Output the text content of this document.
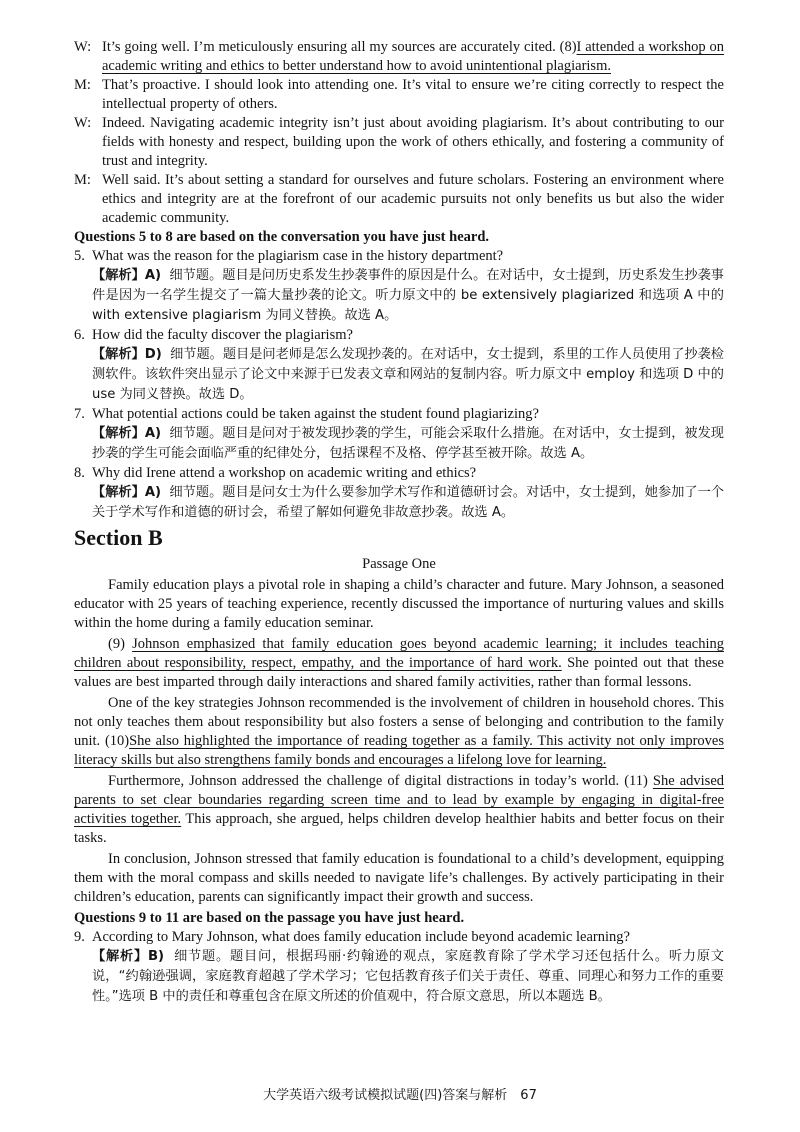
W: It’s going well. I’m meticulously ensuring all my sources are accurately cited. (8)I attended a workshop on academic writing and ethics to better understand how to avoid unintentional plagiarism.
M: That’s proactive. I should look into attending one. It’s vital to ensure we’re citing correctly to respect the intellectual property of others.
W: Indeed. Navigating academic integrity isn’t just about avoiding plagiarism. It’s about contributing to our fields with honesty and respect, building upon the work of others ethically, and fostering a community of trust and integrity.
M: Well said. It’s about setting a standard for ourselves and future scholars. Fostering an environment where ethics and integrity are at the forefront of our academic pursuits not only benefits us but also the wider academic community.
Questions 5 to 8 are based on the conversation you have just heard.
5. What was the reason for the plagiarism case in the history department?
【解析】A) 细节题。题目是问历史系发生抄袭事件的原因是什么。在对话中，女士提到，历史系发生抄袭事件是因为一名学生提交了一篇大量抄袭的论文。听力原文中的 be extensively plagiarized 和选项 A 中的 with extensive plagiarism 为同义替换。故选 A。
6. How did the faculty discover the plagiarism?
【解析】D) 细节题。题目是问老师是怎么发现抄袭的。在对话中，女士提到，系里的工作人员使用了抄袭检测软件。该软件突出显示了论文中来源于已发表文章和网站的复制内容。听力原文中 employ 和选项 D 中的 use 为同义替换。故选 D。
7. What potential actions could be taken against the student found plagiarizing?
【解析】A) 细节题。题目是问对于被发现抄袭的学生，可能会采取什么措施。在对话中，女士提到，被发现抄袭的学生可能会面临严重的纪律处分，包括课程不及格、停学甚至被开除。故选 A。
8. Why did Irene attend a workshop on academic writing and ethics?
【解析】A) 细节题。题目是问女士为什么要参加学术写作和道德研讨会。对话中，女士提到，她参加了一个关于学术写作和道德的研讨会，希望了解如何避免非故意抄袭。故选 A。
Section B
Passage One
Family education plays a pivotal role in shaping a child’s character and future. Mary Johnson, a seasoned educator with 25 years of teaching experience, recently discussed the importance of nurturing values and skills within the home during a family education seminar.
(9) Johnson emphasized that family education goes beyond academic learning; it includes teaching children about responsibility, respect, empathy, and the importance of hard work. She pointed out that these values are best imparted through daily interactions and shared family activities, rather than formal lessons.
One of the key strategies Johnson recommended is the involvement of children in household chores. This not only teaches them about responsibility but also fosters a sense of belonging and contribution to the family unit. (10)She also highlighted the importance of reading together as a family. This activity not only improves literacy skills but also strengthens family bonds and encourages a lifelong love for learning.
Furthermore, Johnson addressed the challenge of digital distractions in today’s world. (11) She advised parents to set clear boundaries regarding screen time and to lead by example by engaging in digital-free activities together. This approach, she argued, helps children develop healthier habits and better focus on their tasks.
In conclusion, Johnson stressed that family education is foundational to a child’s development, equipping them with the moral compass and skills needed to navigate life’s challenges. By actively participating in their children’s education, parents can significantly impact their growth and success.
Questions 9 to 11 are based on the passage you have just heard.
9. According to Mary Johnson, what does family education include beyond academic learning?
【解析】B) 细节题。题目问，根据玛丽·约翰逊的观点，家庭教育除了学术学习还包括什么。听力原文说，“约翰逊强调，家庭教育超越了学术学习；它包括教育孩子们关于责任、尊重、同理心和努力工作的重要性。”选项 B 中的责任和尊重包含在原文所述的价值观中，符合原文意思，所以本题选 B。
大学英语六级考试模拟试题(四)答案与解析　67
